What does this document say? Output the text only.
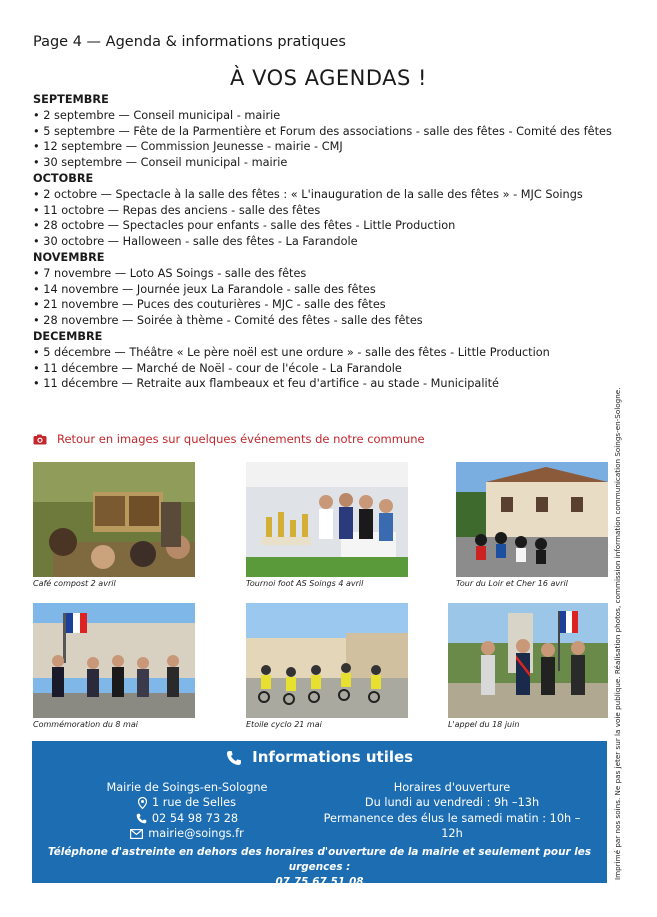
Page 4 — Agenda & informations pratiques
À VOS AGENDAS !
SEPTEMBRE
• 2 septembre — Conseil municipal - mairie
• 5 septembre — Fête de la Parmentière et Forum des associations - salle des fêtes - Comité des fêtes
• 12 septembre — Commission Jeunesse - mairie - CMJ
• 30 septembre — Conseil municipal - mairie
OCTOBRE
• 2 octobre — Spectacle à la salle des fêtes : « L'inauguration de la salle des fêtes » - MJC Soings
• 11 octobre — Repas des anciens - salle des fêtes
• 28 octobre — Spectacles pour enfants - salle des fêtes - Little Production
• 30 octobre — Halloween - salle des fêtes - La Farandole
NOVEMBRE
• 7 novembre — Loto AS Soings - salle des fêtes
• 14 novembre — Journée jeux La Farandole - salle des fêtes
• 21 novembre — Puces des couturières - MJC - salle des fêtes
• 28 novembre — Soirée à thème - Comité des fêtes - salle des fêtes
DECEMBRE
• 5 décembre — Théâtre « Le père noël est une ordure » - salle des fêtes - Little Production
• 11 décembre — Marché de Noël - cour de l'école - La Farandole
• 11 décembre — Retraite aux flambeaux et feu d'artifice - au stade - Municipalité
Retour en images sur quelques événements de notre commune
Café compost 2 avril	Tournoi foot AS Soings 4 avril	Tour du Loir et Cher 16 avril
Commémoration du 8 mai	Etoile cyclo 21 mai	L'appel du 18 juin	Imprimé par nos soins. Ne pas jeter sur la voie publique. Réalisation photos, commission information communication Soings-en-Sologne.
Informations utiles
Mairie de Soings-en-Sologne
1 rue de Selles
02 54 98 73 28
mairie@soings.fr
Horaires d'ouverture
Du lundi au vendredi : 9h –13h
Permanence des élus le samedi matin : 10h –12h
Téléphone d'astreinte en dehors des horaires d'ouverture de la mairie et seulement pour les urgences :
07.75.67.51.08
